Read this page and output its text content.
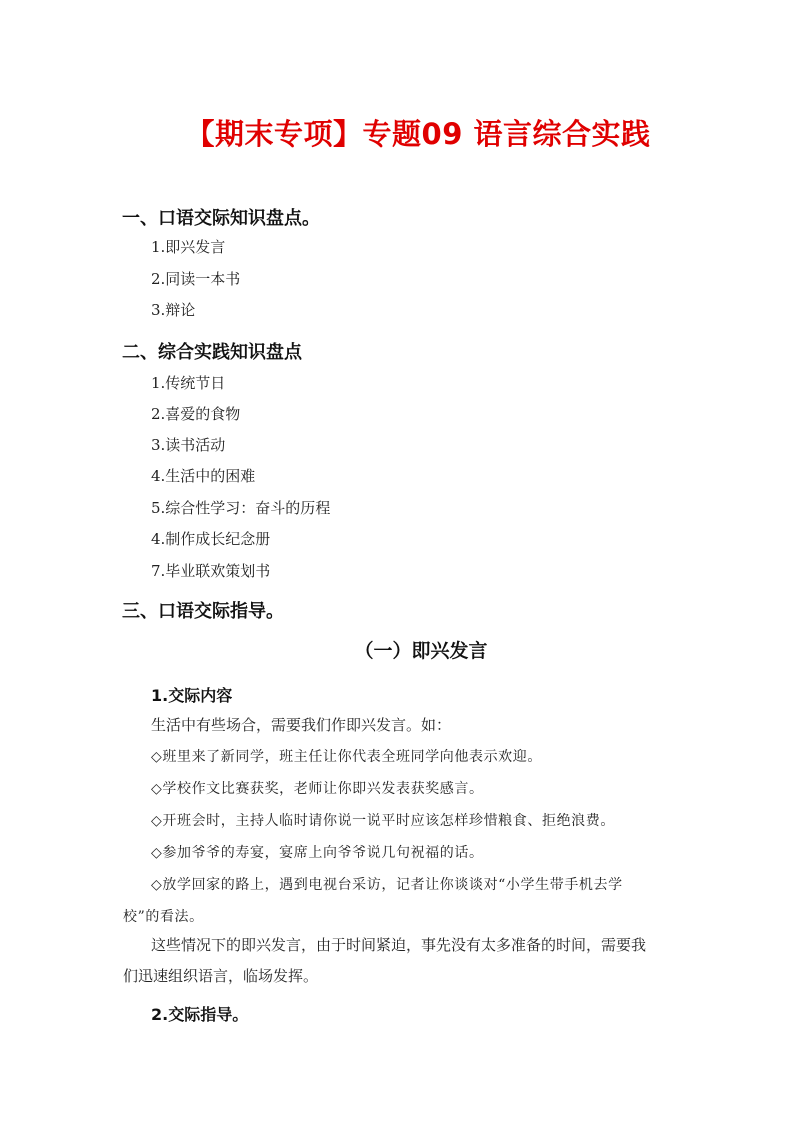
【期末专项】专题09 语言综合实践
一、口语交际知识盘点。
1.即兴发言
2.同读一本书
3.辩论
二、综合实践知识盘点
1.传统节日
2.喜爱的食物
3.读书活动
4.生活中的困难
5.综合性学习：奋斗的历程
4.制作成长纪念册
7.毕业联欢策划书
三、口语交际指导。
（一）即兴发言
1.交际内容
生活中有些场合，需要我们作即兴发言。如：
◇班里来了新同学，班主任让你代表全班同学向他表示欢迎。
◇学校作文比赛获奖，老师让你即兴发表获奖感言。
◇开班会时，主持人临时请你说一说平时应该怎样珍惜粮食、拒绝浪费。
◇参加爷爷的寿宴，宴席上向爷爷说几句祝福的话。
◇放学回家的路上，遇到电视台采访，记者让你谈谈对“小学生带手机去学
校”的看法。
这些情况下的即兴发言，由于时间紧迫，事先没有太多准备的时间，需要我
们迅速组织语言，临场发挥。
2.交际指导。
